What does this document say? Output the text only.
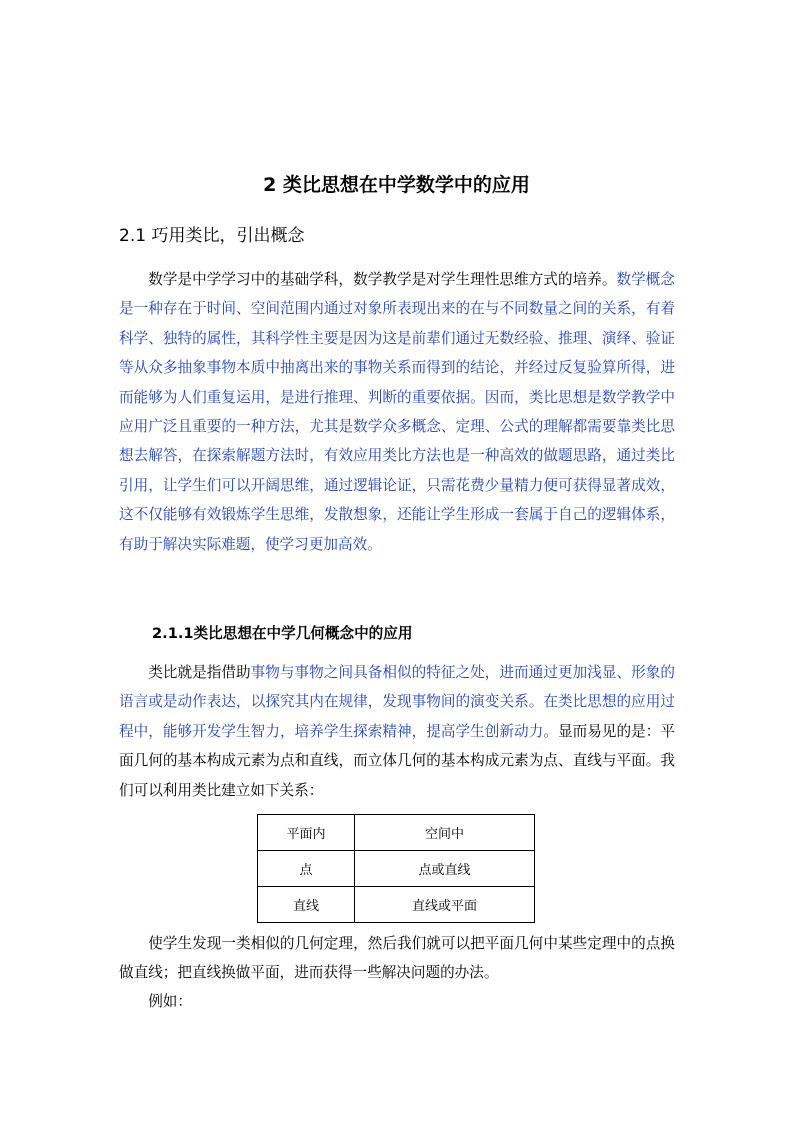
2 类比思想在中学数学中的应用
2.1 巧用类比，引出概念
数学是中学学习中的基础学科，数学教学是对学生理性思维方式的培养。数学概念是一种存在于时间、空间范围内通过对象所表现出来的在与不同数量之间的关系，有着科学、独特的属性，其科学性主要是因为这是前辈们通过无数经验、推理、演绎、验证等从众多抽象事物本质中抽离出来的事物关系而得到的结论，并经过反复验算所得，进而能够为人们重复运用，是进行推理、判断的重要依据。因而，类比思想是数学教学中应用广泛且重要的一种方法，尤其是数学众多概念、定理、公式的理解都需要靠类比思想去解答，在探索解题方法时，有效应用类比方法也是一种高效的做题思路，通过类比引用，让学生们可以开阔思维，通过逻辑论证，只需花费少量精力便可获得显著成效，这不仅能够有效锻炼学生思维，发散想象，还能让学生形成一套属于自己的逻辑体系，有助于解决实际难题，使学习更加高效。
2.1.1类比思想在中学几何概念中的应用
类比就是指借助事物与事物之间具备相似的特征之处，进而通过更加浅显、形象的语言或是动作表达，以探究其内在规律，发现事物间的演变关系。在类比思想的应用过程中，能够开发学生智力，培养学生探索精神，提高学生创新动力。显而易见的是：平面几何的基本构成元素为点和直线，而立体几何的基本构成元素为点、直线与平面。我们可以利用类比建立如下关系：
平面内	空间中
点	点或直线
直线	直线或平面
使学生发现一类相似的几何定理，然后我们就可以把平面几何中某些定理中的点换做直线；把直线换做平面，进而获得一些解决问题的办法。
例如：
